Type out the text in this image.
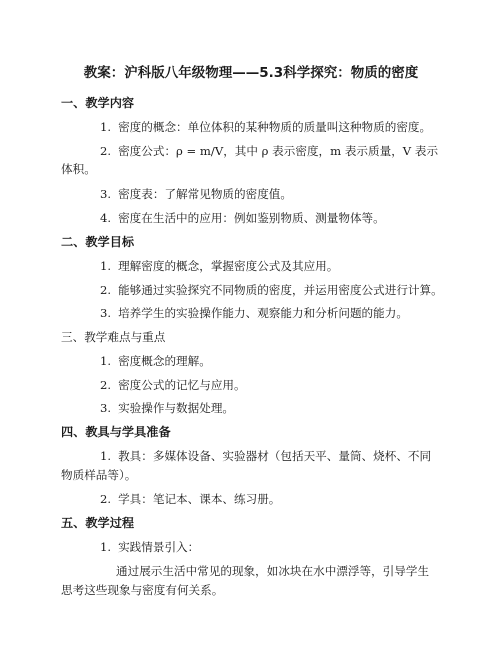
教案：沪科版八年级物理——5.3科学探究：物质的密度
一、教学内容
1. 密度的概念：单位体积的某种物质的质量叫这种物质的密度。
2. 密度公式：ρ = m/V，其中 ρ 表示密度，m 表示质量，V 表示
体积。
3. 密度表：了解常见物质的密度值。
4. 密度在生活中的应用：例如鉴别物质、测量物体等。
二、教学目标
1. 理解密度的概念，掌握密度公式及其应用。
2. 能够通过实验探究不同物质的密度，并运用密度公式进行计算。
3. 培养学生的实验操作能力、观察能力和分析问题的能力。
三、教学难点与重点
1. 密度概念的理解。
2. 密度公式的记忆与应用。
3. 实验操作与数据处理。
四、教具与学具准备
1. 教具：多媒体设备、实验器材（包括天平、量筒、烧杯、不同
物质样品等）。
2. 学具：笔记本、课本、练习册。
五、教学过程
1. 实践情景引入：
通过展示生活中常见的现象，如冰块在水中漂浮等，引导学生
思考这些现象与密度有何关系。
